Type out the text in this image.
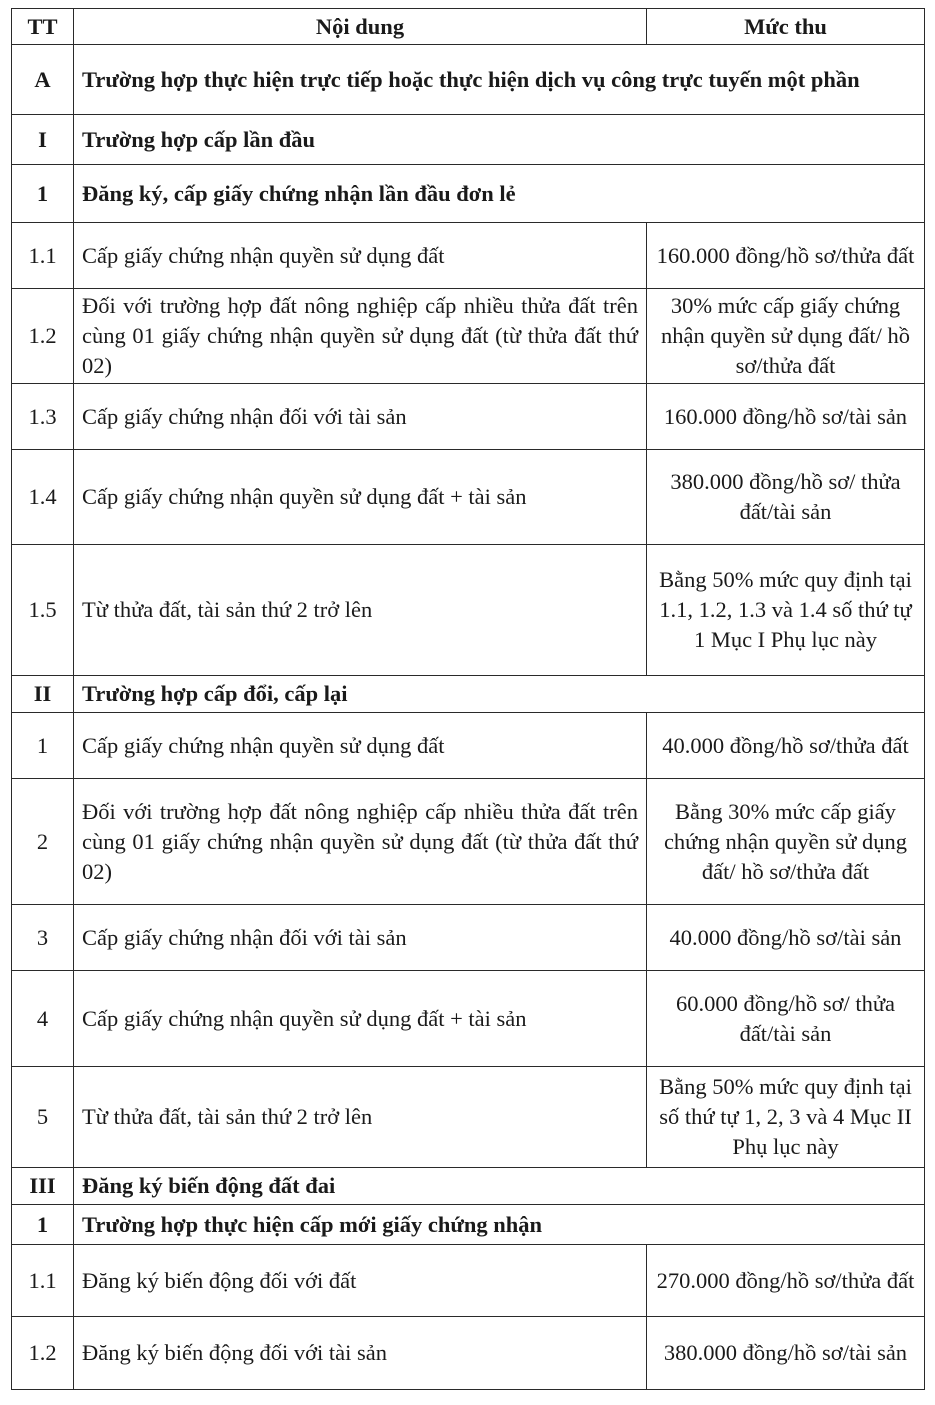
TT	Nội dung	Mức thu
A	Trường hợp thực hiện trực tiếp hoặc thực hiện dịch vụ công trực tuyến một phần	
I	Trường hợp cấp lần đầu	
1	Đăng ký, cấp giấy chứng nhận lần đầu đơn lẻ	
1.1	Cấp giấy chứng nhận quyền sử dụng đất	160.000 đồng/hồ sơ/thửa đất
1.2	Đối với trường hợp đất nông nghiệp cấp nhiều thửa đất trên cùng 01 giấy chứng nhận quyền sử dụng đất (từ thửa đất thứ 02)	30% mức cấp giấy chứng nhận quyền sử dụng đất/ hồ sơ/thửa đất
1.3	Cấp giấy chứng nhận đối với tài sản	160.000 đồng/hồ sơ/tài sản
1.4	Cấp giấy chứng nhận quyền sử dụng đất + tài sản	380.000 đồng/hồ sơ/ thửa đất/tài sản
1.5	Từ thửa đất, tài sản thứ 2 trở lên	Bằng 50% mức quy định tại 1.1, 1.2, 1.3 và 1.4 số thứ tự 1 Mục I Phụ lục này
II	Trường hợp cấp đổi, cấp lại	
1	Cấp giấy chứng nhận quyền sử dụng đất	40.000 đồng/hồ sơ/thửa đất
2	Đối với trường hợp đất nông nghiệp cấp nhiều thửa đất trên cùng 01 giấy chứng nhận quyền sử dụng đất (từ thửa đất thứ 02)	Bằng 30% mức cấp giấy chứng nhận quyền sử dụng đất/ hồ sơ/thửa đất
3	Cấp giấy chứng nhận đối với tài sản	40.000 đồng/hồ sơ/tài sản
4	Cấp giấy chứng nhận quyền sử dụng đất + tài sản	60.000 đồng/hồ sơ/ thửa đất/tài sản
5	Từ thửa đất, tài sản thứ 2 trở lên	Bằng 50% mức quy định tại số thứ tự 1, 2, 3 và 4 Mục II Phụ lục này
III	Đăng ký biến động đất đai	
1	Trường hợp thực hiện cấp mới giấy chứng nhận	
1.1	Đăng ký biến động đối với đất	270.000 đồng/hồ sơ/thửa đất
1.2	Đăng ký biến động đối với tài sản	380.000 đồng/hồ sơ/tài sản
